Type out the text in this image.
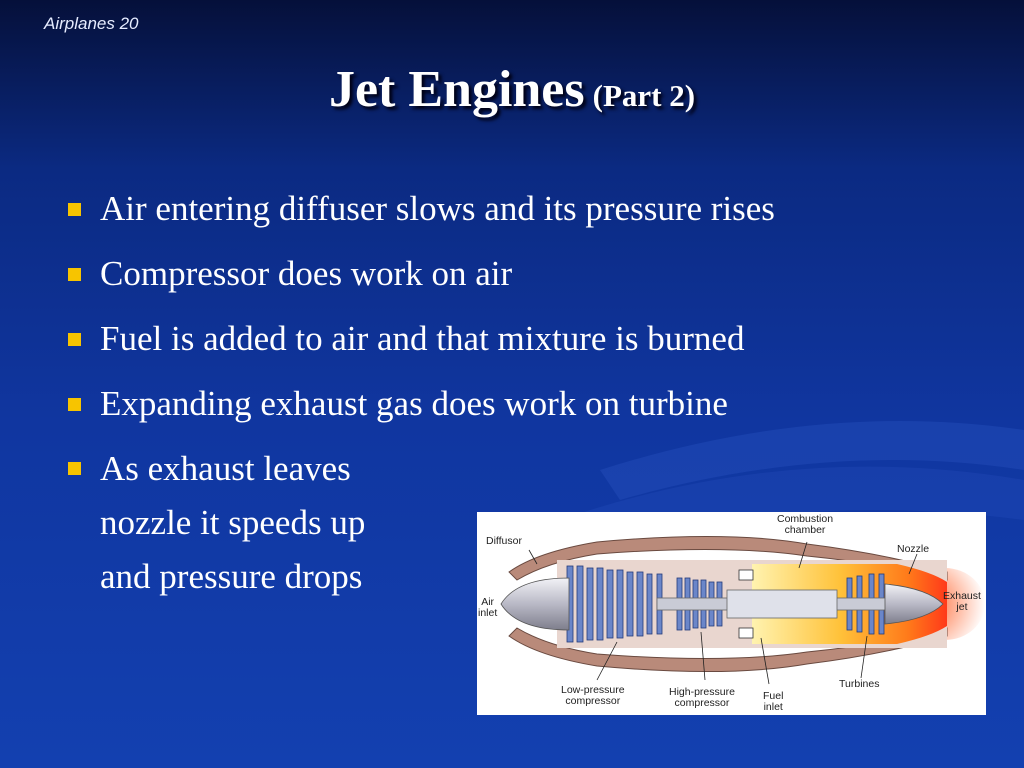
Airplanes 20
Jet Engines (Part 2)
Air entering diffuser slows and its pressure rises
Compressor does work on air
Fuel is added to air and that mixture is burned
Expanding exhaust gas does work on turbine
As exhaust leaves
nozzle it speeds up
and pressure drops
Diffusor
Combustion
chamber
Nozzle
Air
inlet
Exhaust
jet
Low-pressure
compressor
High-pressure
compressor
Fuel
inlet
Turbines
